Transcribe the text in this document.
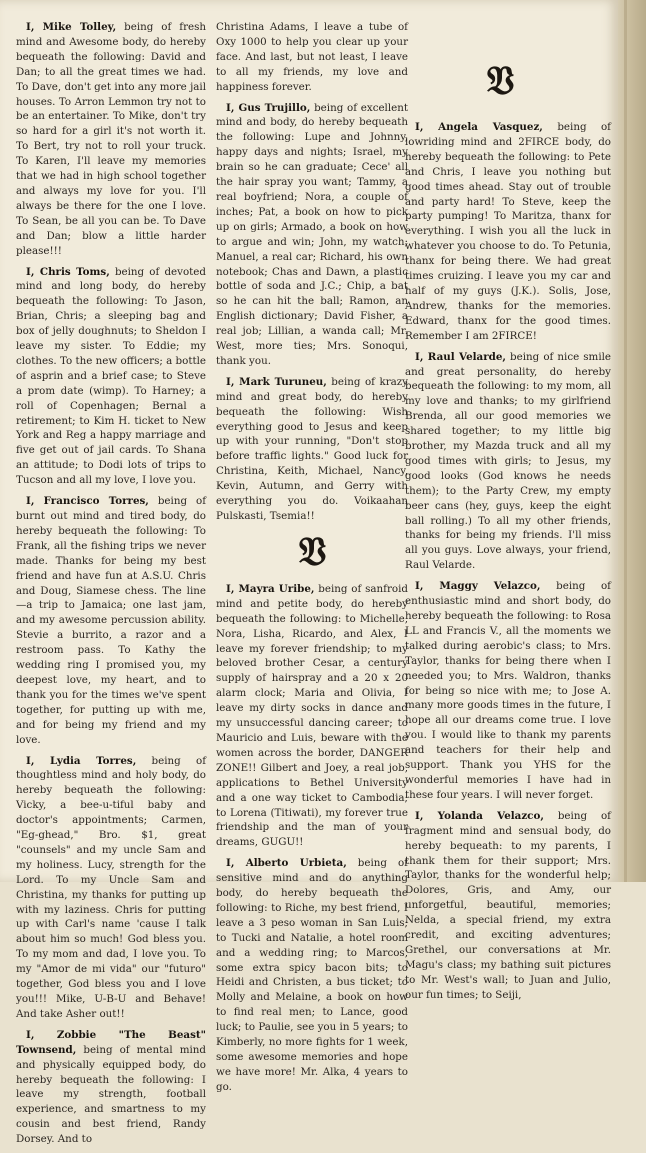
I, Mike Tolley, being of fresh mind and Awesome body, do hereby bequeath the following: David and Dan; to all the great times we had. To Dave, don't get into any more jail houses. To Arron Lemmon try not to be an entertainer. To Mike, don't try so hard for a girl it's not worth it. To Bert, try not to roll your truck. To Karen, I'll leave my memories that we had in high school together and always my love for you. I'll always be there for the one I love. To Sean, be all you can be. To Dave and Dan; blow a little harder please!!!

I, Chris Toms, being of devoted mind and long body, do hereby bequeath the following: To Jason, Brian, Chris; a sleeping bag and box of jelly doughnuts; to Sheldon I leave my sister. To Eddie; my clothes. To the new officers; a bottle of asprin and a brief case; to Steve a prom date (wimp). To Harney; a roll of Copenhagen; Bernal a retirement; to Kim H. ticket to New York and Reg a happy marriage and five get out of jail cards. To Shana an attitude; to Dodi lots of trips to Tucson and all my love, I love you.

I, Francisco Torres, being of burnt out mind and tired body, do hereby bequeath the following: To Frank, all the fishing trips we never made. Thanks for being my best friend and have fun at A.S.U. Chris and Doug, Siamese chess. The line—a trip to Jamaica; one last jam, and my awesome percussion ability. Stevie a burrito, a razor and a restroom pass. To Kathy the wedding ring I promised you, my deepest love, my heart, and to thank you for the times we've spent together, for putting up with me, and for being my friend and my love.

I, Lydia Torres, being of thoughtless mind and holy body, do hereby bequeath the following: Vicky, a bee-u-tiful baby and doctor's appointments; Carmen, "Eg-ghead," Bro. $1, great "counsels" and my uncle Sam and my holiness. Lucy, strength for the Lord. To my Uncle Sam and Christina, my thanks for putting up with my laziness. Chris for putting up with Carl's name 'cause I talk about him so much! God bless you. To my mom and dad, I love you. To my "Amor de mi vida" our "futuro" together, God bless you and I love you!!! Mike, U-B-U and Behave! And take Asher out!!

I, Zobbie "The Beast" Townsend, being of mental mind and physically equipped body, do hereby bequeath the following: I leave my strength, football experience, and smartness to my cousin and best friend, Randy Dorsey. And to

Christina Adams, I leave a tube of Oxy 1000 to help you clear up your face. And last, but not least, I leave to all my friends, my love and happiness forever.

I, Gus Trujillo, being of excellent mind and body, do hereby bequeath the following: Lupe and Johnny, happy days and nights; Israel, my brain so he can graduate; Cece' all the hair spray you want; Tammy, a real boyfriend; Nora, a couple of inches; Pat, a book on how to pick up on girls; Armado, a book on how to argue and win; John, my watch; Manuel, a real car; Richard, his own notebook; Chas and Dawn, a plastic bottle of soda and J.C.; Chip, a bat so he can hit the ball; Ramon, an English dictionary; David Fisher, a real job; Lillian, a wanda call; Mr. West, more ties; Mrs. Sonoqui, thank you.

I, Mark Turuneu, being of krazy mind and great body, do hereby bequeath the following: Wish everything good to Jesus and keep up with your running, "Don't stop before traffic lights." Good luck for Christina, Keith, Michael, Nancy, Kevin, Autumn, and Gerry with everything you do. Voikaahan Pulskasti, Tsemia!!

𝔙

I, Mayra Uribe, being of sanfroid mind and petite body, do hereby bequeath the following: to Michelle, Nora, Lisha, Ricardo, and Alex, I leave my forever friendship; to my beloved brother Cesar, a century supply of hairspray and a 20 x 20 alarm clock; Maria and Olivia, I leave my dirty socks in dance and my unsuccessful dancing career; to Mauricio and Luis, beware with the women across the border, DANGER ZONE!! Gilbert and Joey, a real job, applications to Bethel University and a one way ticket to Cambodia; to Lorena (Titiwati), my forever true friendship and the man of your dreams, GUGU!!

I, Alberto Urbieta, being of sensitive mind and do anything body, do hereby bequeath the following: to Riche, my best friend, I leave a 3 peso woman in San Luis; to Tucki and Natalie, a hotel room and a wedding ring; to Marcos, some extra spicy bacon bits; to Heidi and Christen, a bus ticket; to Molly and Melaine, a book on how to find real men; to Lance, good luck; to Paulie, see you in 5 years; to Kimberly, no more fights for 1 week, some awesome memories and hope we have more! Mr. Alka, 4 years to go.

𝔙

I, Angela Vasquez, being of lowriding mind and 2FIRCE body, do hereby bequeath the following: to Pete and Chris, I leave you nothing but good times ahead. Stay out of trouble and party hard! To Steve, keep the party pumping! To Maritza, thanx for everything. I wish you all the luck in whatever you choose to do. To Petunia, thanx for being there. We had great times cruizing. I leave you my car and half of my guys (J.K.). Solis, Jose, Andrew, thanks for the memories. Edward, thanx for the good times. Remember I am 2FIRCE!

I, Raul Velarde, being of nice smile and great personality, do hereby bequeath the following: to my mom, all my love and thanks; to my girlfriend Brenda, all our good memories we shared together; to my little big brother, my Mazda truck and all my good times with girls; to Jesus, my good looks (God knows he needs them); to the Party Crew, my empty beer cans (hey, guys, keep the eight ball rolling.) To all my other friends, thanks for being my friends. I'll miss all you guys. Love always, your friend, Raul Velarde.

I, Maggy Velazco, being of enthusiastic mind and short body, do hereby bequeath the following: to Rosa LL and Francis V., all the moments we talked during aerobic's class; to Mrs. Taylor, thanks for being there when I needed you; to Mrs. Waldron, thanks for being so nice with me; to Jose A. many more goods times in the future, I hope all our dreams come true. I love you. I would like to thank my parents and teachers for their help and support. Thank you YHS for the wonderful memories I have had in these four years. I will never forget.

I, Yolanda Velazco, being of fragment mind and sensual body, do hereby bequeath: to my parents, I thank them for their support; Mrs. Taylor, thanks for the wonderful help; Dolores, Gris, and Amy, our unforgetful, beautiful, memories; Nelda, a special friend, my extra credit, and exciting adventures; Grethel, our conversations at Mr. Magu's class; my bathing suit pictures to Mr. West's wall; to Juan and Julio, our fun times; to Seiji,
